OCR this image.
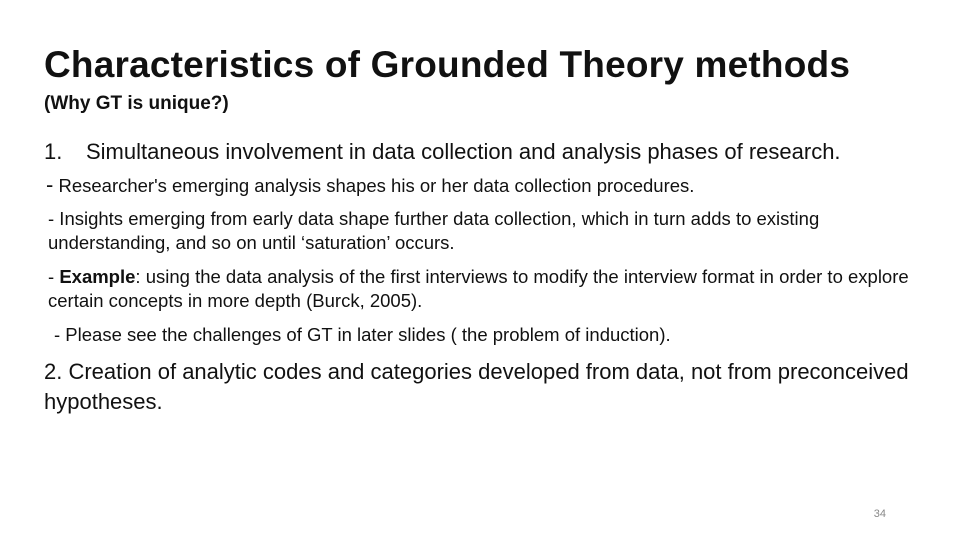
Characteristics of Grounded Theory methods
(Why GT is unique?)
1.	Simultaneous involvement in data collection and analysis phases of research.
- Researcher's emerging analysis shapes his or her data collection procedures.
- Insights emerging from early data shape further data collection, which in turn adds to existing understanding, and so on until ‘saturation’ occurs.
- Example: using the data analysis of the first interviews to modify the interview format in order to explore certain concepts in more depth (Burck, 2005).
- Please see the challenges of GT in later slides ( the problem of induction).
2. Creation of analytic codes and categories developed from data, not from preconceived hypotheses.
34
